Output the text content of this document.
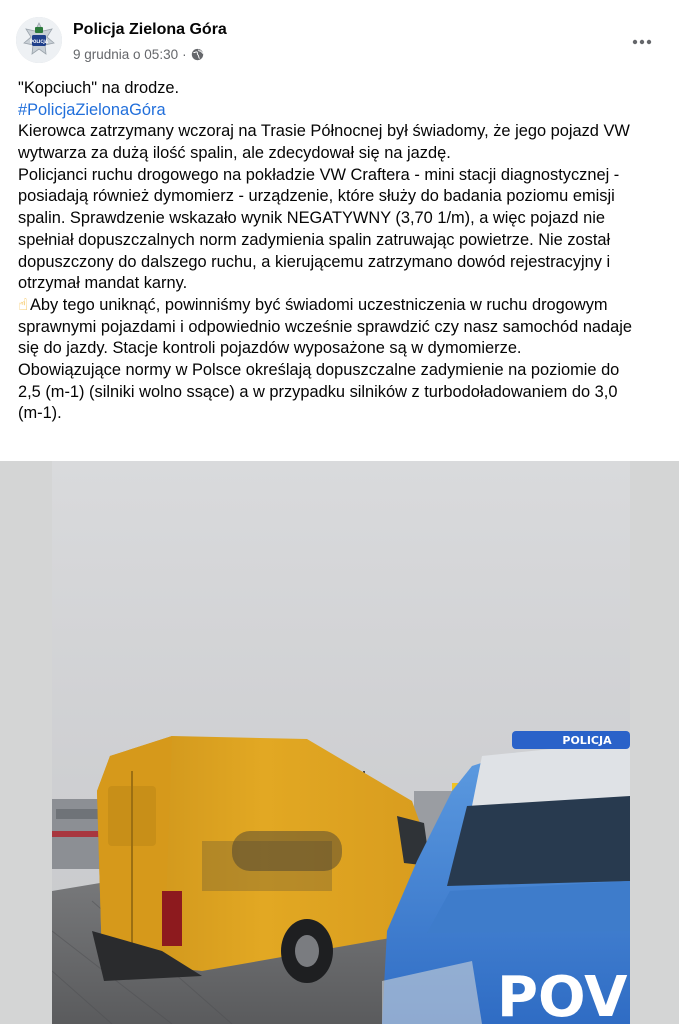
POLICJA
Policja Zielona Góra
9 grudnia o 05:30 ·
"Kopciuch" na drodze.
#PolicjaZielonaGóra
Kierowca zatrzymany wczoraj na Trasie Północnej był świadomy, że jego pojazd VW
wytwarza za dużą ilość spalin, ale zdecydował się na jazdę.
Policjanci ruchu drogowego na pokładzie VW Craftera - mini stacji diagnostycznej -
posiadają również dymomierz - urządzenie, które służy do badania poziomu emisji
spalin. Sprawdzenie wskazało wynik NEGATYWNY (3,70 1/m), a więc pojazd nie
spełniał dopuszczalnych norm zadymienia spalin zatruwając powietrze. Nie został
dopuszczony do dalszego ruchu, a kierującemu zatrzymano dowód rejestracyjny i
otrzymał mandat karny.
☝ Aby tego uniknąć, powinniśmy być świadomi uczestniczenia w ruchu drogowym
sprawnymi pojazdami i odpowiednio wcześnie sprawdzić czy nasz samochód nadaje
się do jazdy. Stacje kontroli pojazdów wyposażone są w dymomierze.
Obowiązujące normy w Polsce określają dopuszczalne zadymienie na poziomie do
2,5 (m-1) (silniki wolno ssące) a w przypadku silników z turbodoładowaniem do 3,0
(m-1).
POLICJA
POV
